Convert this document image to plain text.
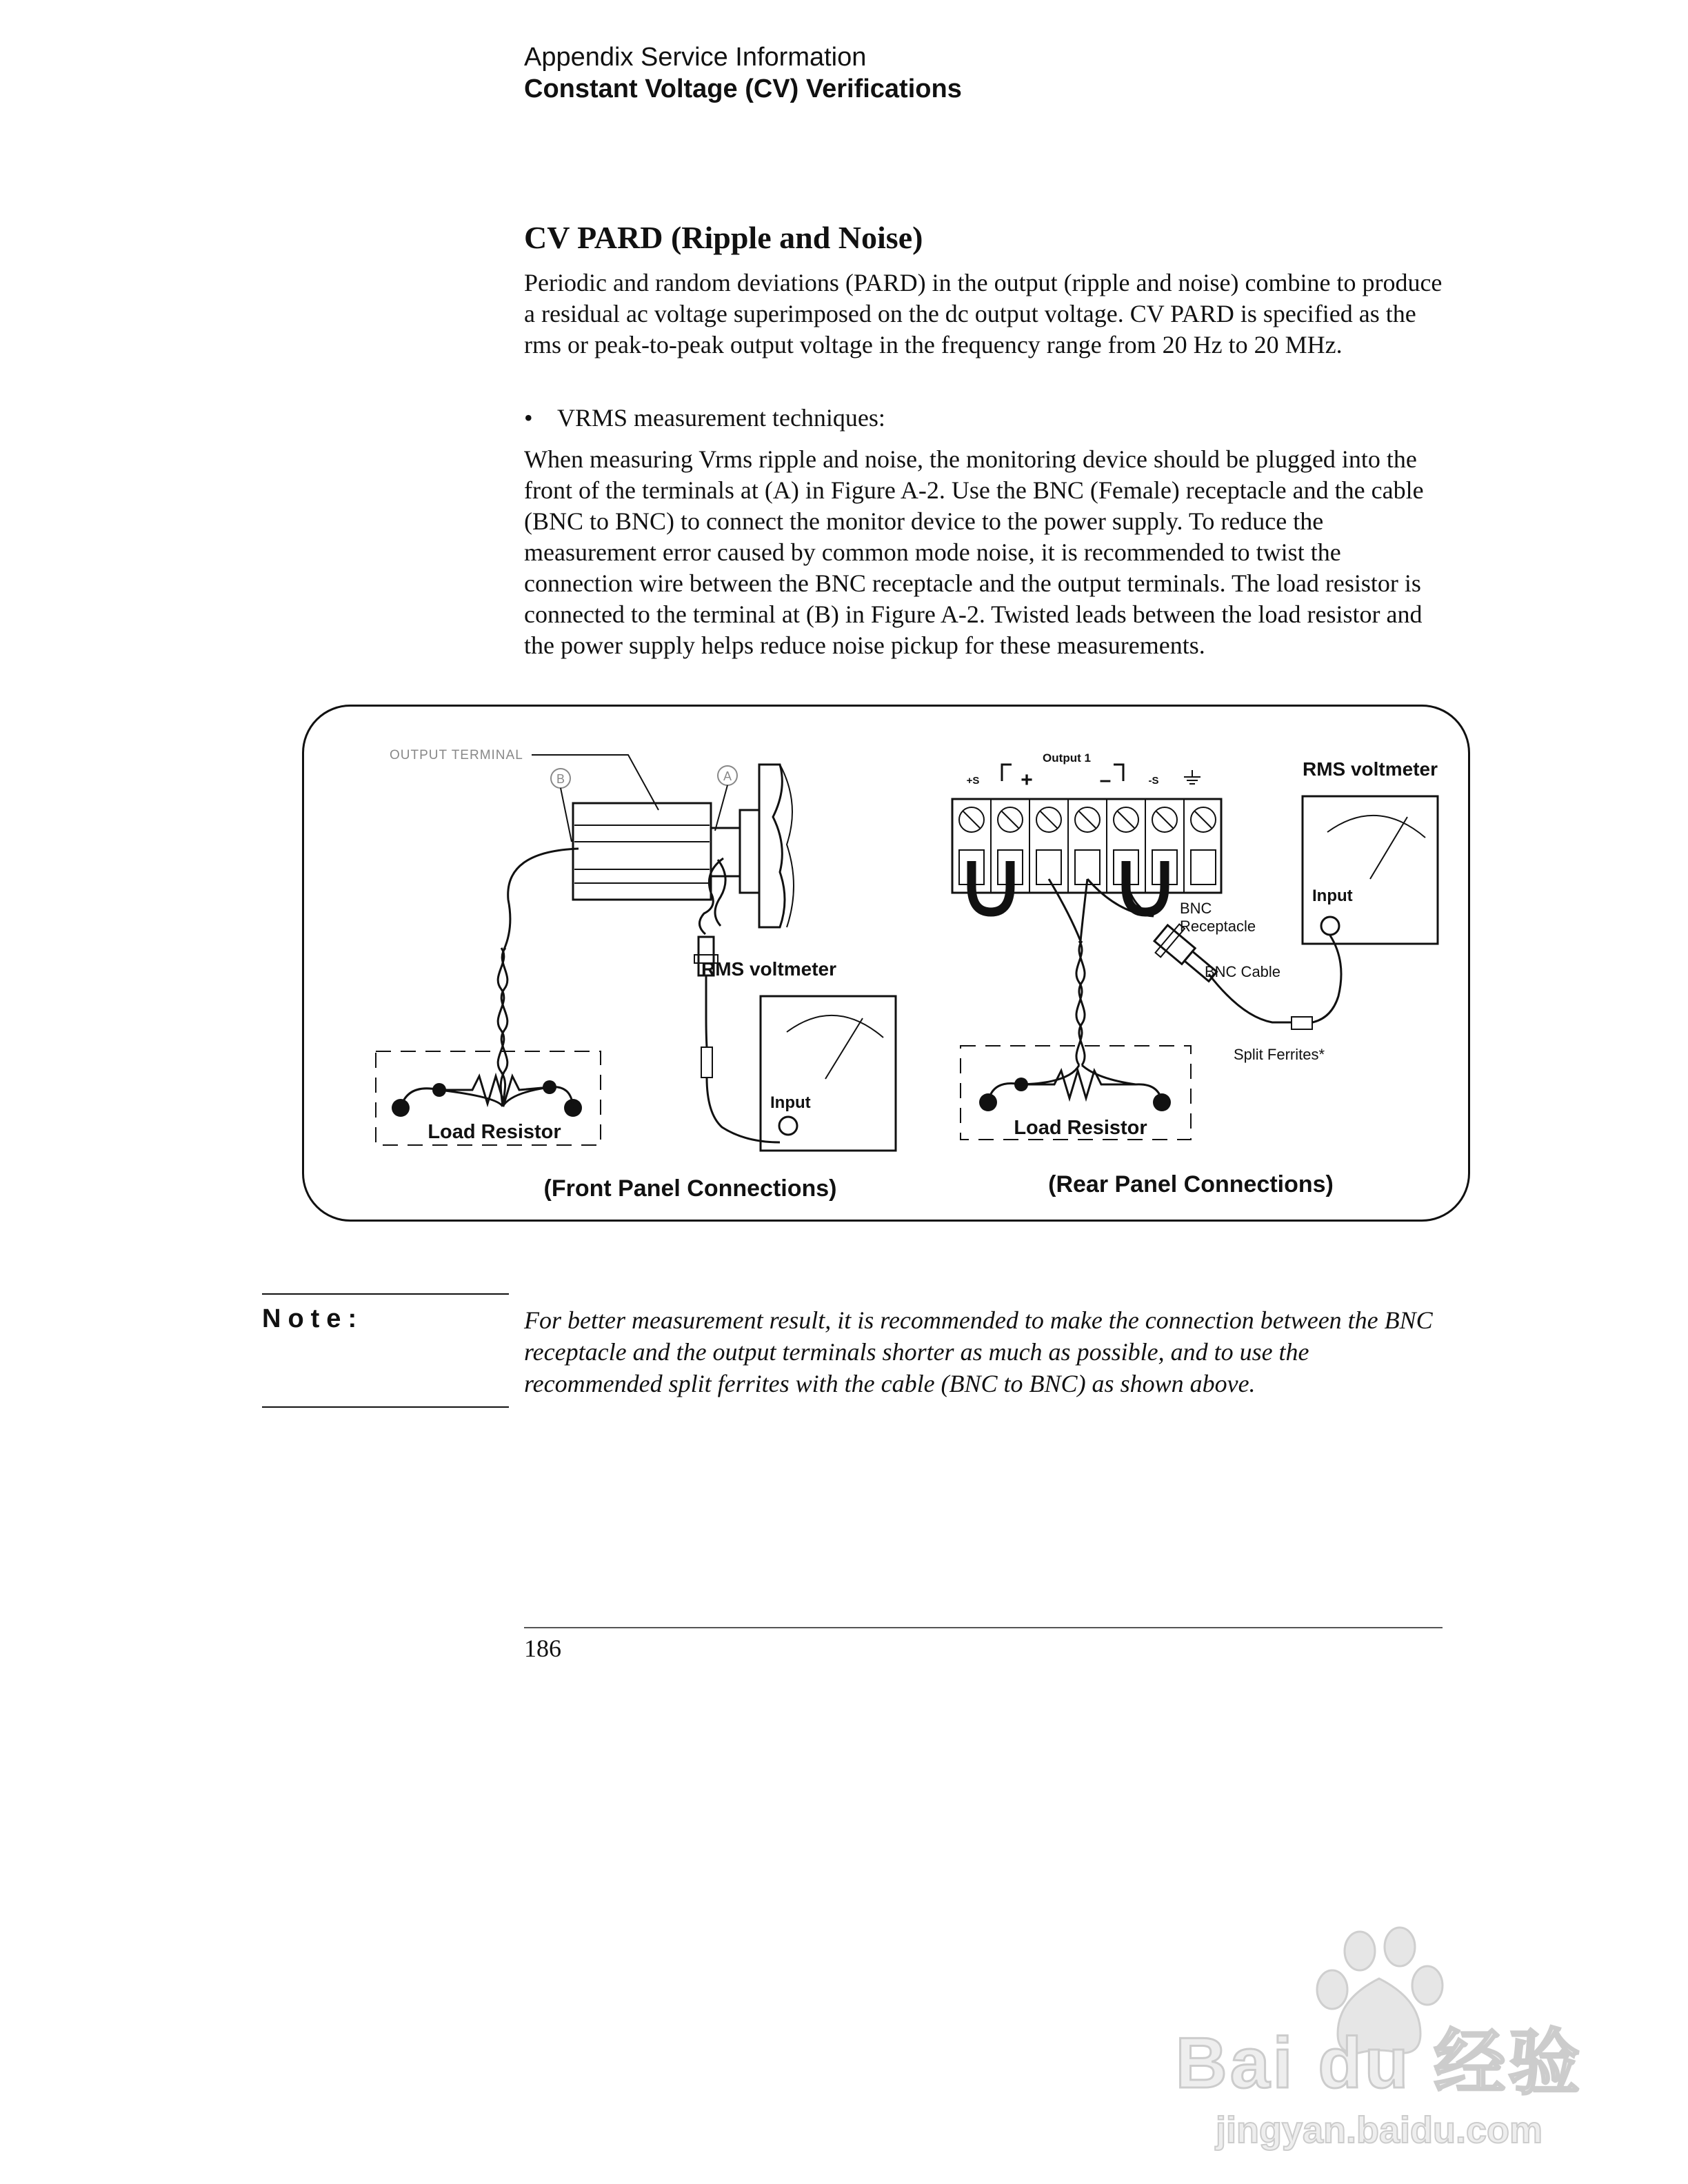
Appendix Service Information
Constant Voltage (CV) Verifications
CV PARD (Ripple and Noise)

Periodic and random deviations (PARD) in the output (ripple and noise) combine to produce a residual ac voltage superimposed on the dc output voltage. CV PARD is specified as the rms or peak-to-peak output voltage in the frequency range from 20 Hz to 20 MHz.

• VRMS measurement techniques:

When measuring Vrms ripple and noise, the monitoring device should be plugged into the front of the terminals at (A) in Figure A-2. Use the BNC (Female) receptacle and the cable (BNC to BNC) to connect the monitor device to the power supply. To reduce the measurement error caused by common mode noise, it is recommended to twist the connection wire between the BNC receptacle and the output terminals. The load resistor is connected to the terminal at (B) in Figure A-2. Twisted leads between the load resistor and the power supply helps reduce noise pickup for these measurements.

OUTPUT TERMINAL
B	A
Load Resistor
RMS voltmeter
Input
(Front Panel Connections)
Output 1
+S +	–	-S
BNC
Receptacle
BNC Cable
Split Ferrites*
Load Resistor
RMS voltmeter
Input
(Rear Panel Connections)
Note:	For better measurement result, it is recommended to make the connection between the BNC receptacle and the output terminals shorter as much as possible, and to use the recommended split ferrites with the cable (BNC to BNC) as shown above.

186
Bai du 经验
jingyan.baidu.com
